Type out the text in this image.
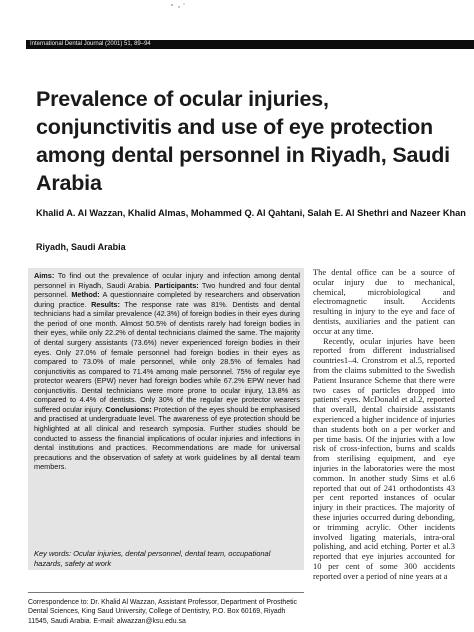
International Dental Journal (2001) 51, 89–94
Prevalence of ocular injuries, conjunctivitis and use of eye protection among dental personnel in Riyadh, Saudi Arabia

Khalid A. Al Wazzan, Khalid Almas, Mohammed Q. Al Qahtani, Salah E. Al Shethri and Nazeer Khan

Riyadh, Saudi Arabia

Aims: To find out the prevalence of ocular injury and infection among dental personnel in Riyadh, Saudi Arabia. Participants: Two hundred and four dental personnel. Method: A questionnaire completed by researchers and observation during practice. Results: The response rate was 81%. Dentists and dental technicians had a similar prevalence (42.3%) of foreign bodies in their eyes during the period of one month. Almost 50.5% of dentists rarely had foreign bodies in their eyes, while only 22.2% of dental technicians claimed the same. The majority of dental surgery assistants (73.6%) never experienced foreign bodies in their eyes. Only 27.0% of female personnel had foreign bodies in their eyes as compared to 73.0% of male personnel, while only 28.5% of females had conjunctivitis as compared to 71.4% among male personnel. 75% of regular eye protector wearers (EPW) never had foreign bodies while 67.2% EPW never had conjunctivitis. Dental technicians were more prone to ocular injury, 13.8% as compared to 4.4% of dentists. Only 30% of the regular eye protector wearers suffered ocular injury. Conclusions: Protection of the eyes should be emphasised and practised at undergraduate level. The awareness of eye protection should be highlighted at all clinical and research symposia. Further studies should be conducted to assess the financial implications of ocular injuries and infections in dental institutions and practices. Recommendations are made for universal precautions and the observation of safety at work guidelines by all dental team members.

Key words: Ocular injuries, dental personnel, dental team, occupational hazards, safety at work

Correspondence to: Dr. Khalid Al Wazzan, Assistant Professor, Department of Prosthetic Dental Sciences, King Saud University, College of Dentistry, P.O. Box 60169, Riyadh 11545, Saudi Arabia. E-mail: alwazzan@ksu.edu.sa

The dental office can be a source of ocular injury due to mechanical, chemical, microbiological and electromagnetic insult. Accidents resulting in injury to the eye and face of dentists, auxiliaries and the patient can occur at any time.

Recently, ocular injuries have been reported from different industrialised countries1–4. Cronstrom et al.5, reported from the claims submitted to the Swedish Patient Insurance Scheme that there were two cases of particles dropped into patients' eyes. McDonald et al.2, reported that overall, dental chairside assistants experienced a higher incidence of injuries than students both on a per worker and per time basis. Of the injuries with a low risk of cross-infection, burns and scalds from sterilising equipment, and eye injuries in the laboratories were the most common. In another study Sims et al.6 reported that out of 241 orthodontists 43 per cent reported instances of ocular injury in their practices. The majority of these injuries occurred during debonding, or trimming acrylic. Other incidents involved ligating materials, intra-oral polishing, and acid etching. Porter et al.3 reported that eye injuries accounted for 10 per cent of some 300 accidents reported over a period of nine years at a
